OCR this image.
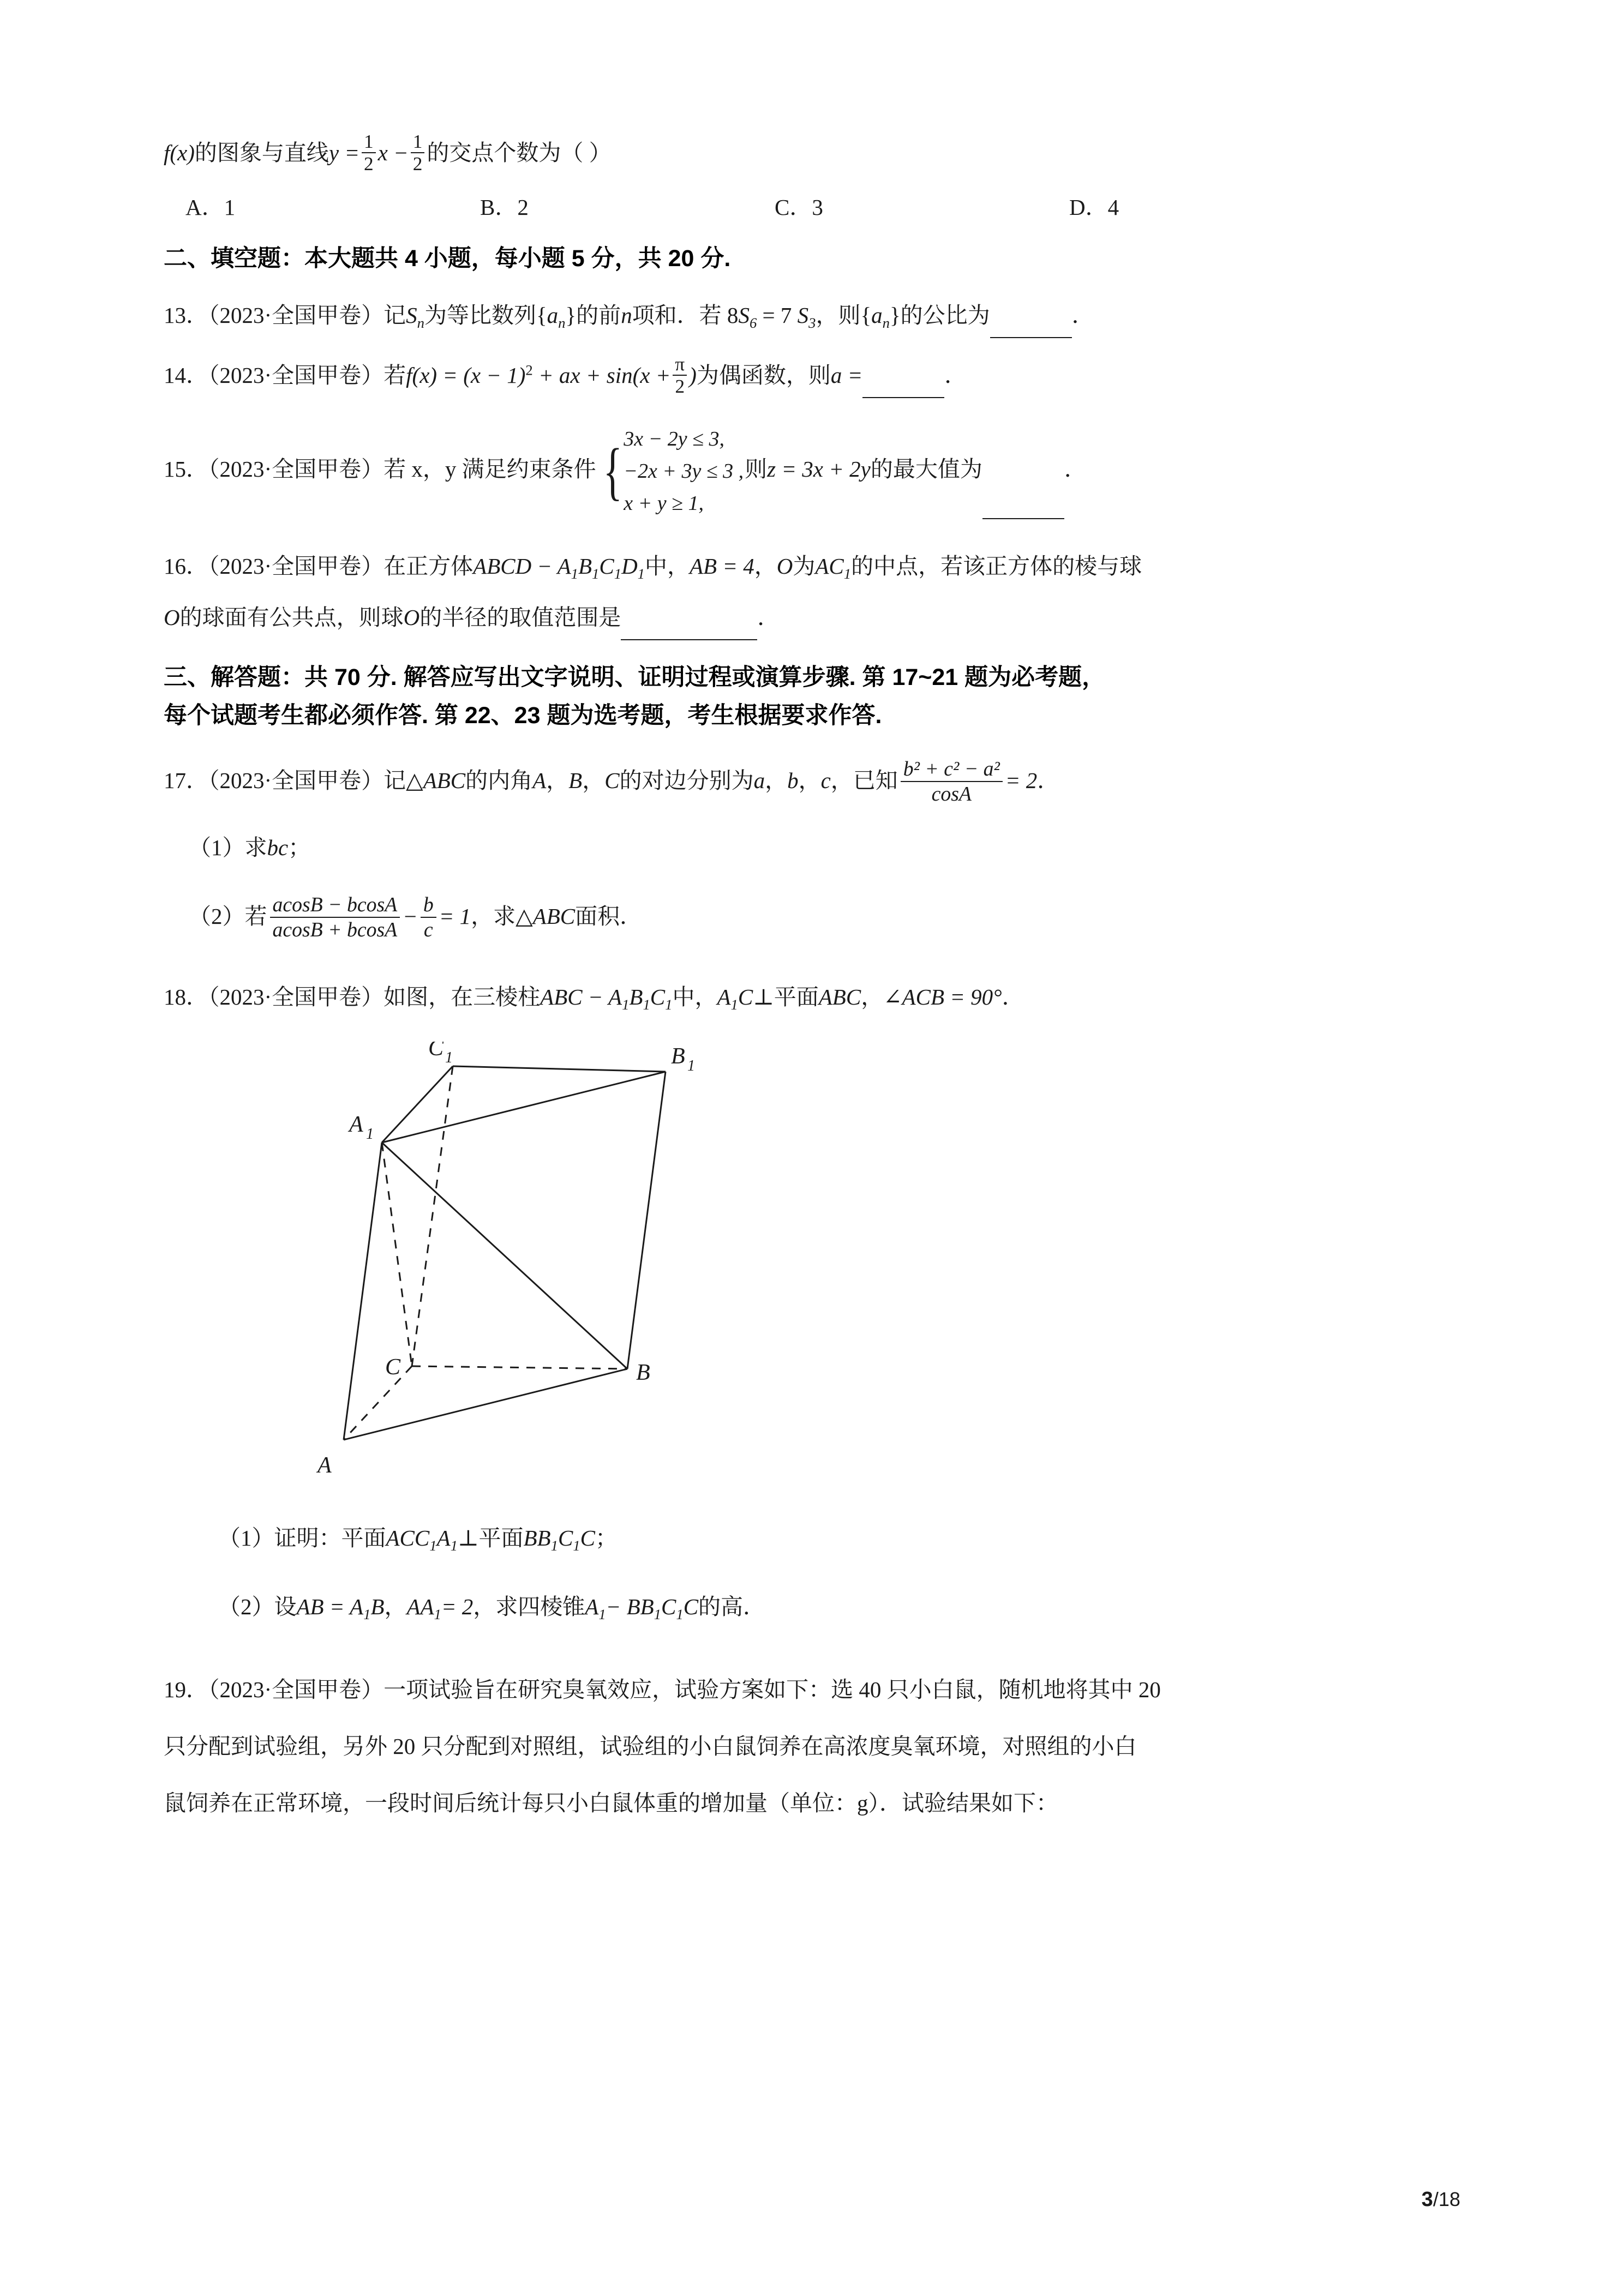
f(x)的图象与直线$y = \frac{1}{2}$ $x - \frac{1}{2}$ 的交点个数为（ ）
A．1	B．2	C．3	D．4
二、填空题：本大题共 4 小题，每小题 5 分，共 20 分.
13．（2023·全国甲卷）记$S_n$为等比数列$\{a_n\}$的前n项和．若 $8S_6 = 7$ $S_3$，则$\{a_n\}$的公比为	．
14．（2023·全国甲卷）若$f(x) = (x - 1)^2$ + ax + $\sin(x + \frac{\pi}{2}$ )为偶函数，则a =	．
15．（2023·全国甲卷）若 x，y 满足约束条件 { 3x − 2y ≤ 3,
−2x + 3y ≤ 3 ,
x + y ≥ 1,
则z = 3x + 2y的最大值为	．
16．（2023·全国甲卷）在正方体ABCD − $A_1B_1C_1D_1$中，AB = 4，O为$AC_1$的中点，若该正方体的棱与球
O的球面有公共点，则球O的半径的取值范围是	．
三、解答题：共 70 分. 解答应写出文字说明、证明过程或演算步骤. 第 17~21 题为必考题，
每个试题考生都必须作答. 第 22、23 题为选考题，考生根据要求作答.
17．（2023·全国甲卷）记△ABC的内角A，B，C的对边分别为a，b，c，已知 $\frac{\text{b² + c² − a²}}{\cos A} = 2$．
（1）求bc；
（2）若 $\frac{acosB - bcosA}{acosB + bcosA} - \frac{b}{c} = 1$，求△ABC面积．
18．（2023·全国甲卷）如图，在三棱柱ABC − $A_1B_1C_1$中，$A_1C\perp$平面ABC，∠ACB = 90°．
C 1	B 1
A 1
C	B
A
（1）证明：平面$ACC_1A_1\perp$平面$BB_1C_1C$；
（2）设AB = $A_1B$，$AA_1= 2$，求四棱锥$A_1- BB_1C_1C$的高．
19．（2023·全国甲卷）一项试验旨在研究臭氧效应，试验方案如下：选 40 只小白鼠，随机地将其中 20
只分配到试验组，另外 20 只分配到对照组，试验组的小白鼠饲养在高浓度臭氧环境，对照组的小白
鼠饲养在正常环境，一段时间后统计每只小白鼠体重的增加量（单位：g）．试验结果如下：
3/18
